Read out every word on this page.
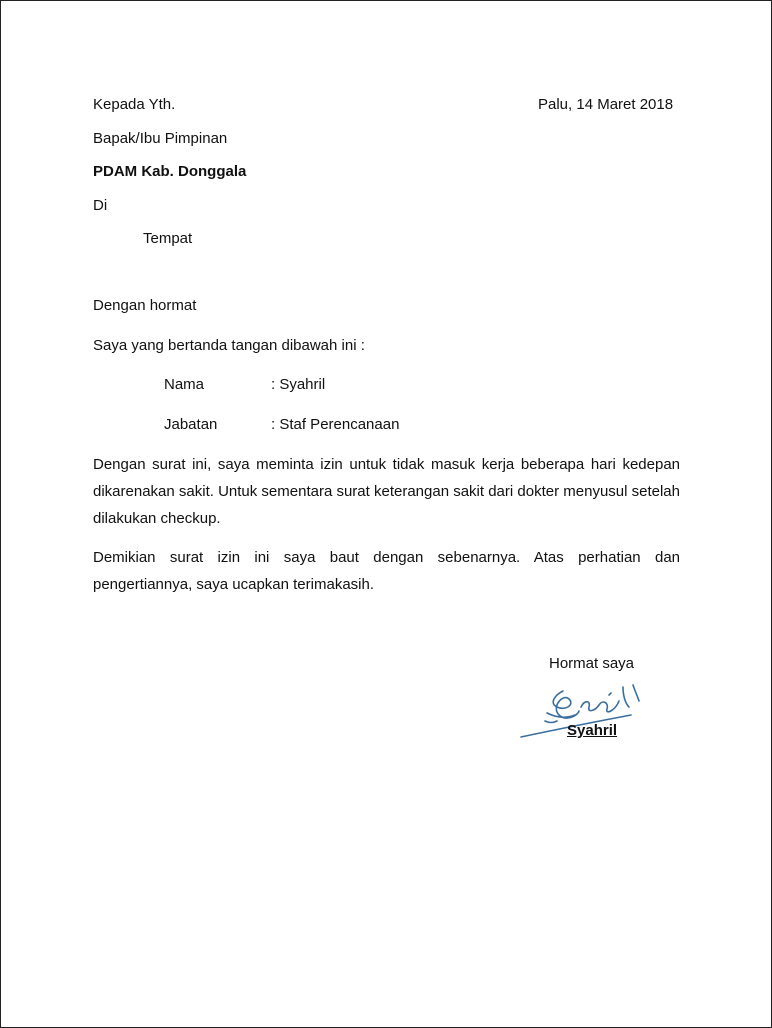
Kepada Yth.	Palu, 14 Maret 2018
Bapak/Ibu Pimpinan
PDAM Kab. Donggala
Di
Tempat
Dengan hormat
Saya yang bertanda tangan dibawah ini :
Nama	: Syahril
Jabatan	: Staf Perencanaan
Dengan surat ini, saya meminta izin untuk tidak masuk kerja beberapa hari kedepan dikarenakan sakit. Untuk sementara surat keterangan sakit dari dokter menyusul setelah dilakukan checkup.
Demikian surat izin ini saya baut dengan sebenarnya. Atas perhatian dan pengertiannya, saya ucapkan terimakasih.
Hormat saya
Syahril
